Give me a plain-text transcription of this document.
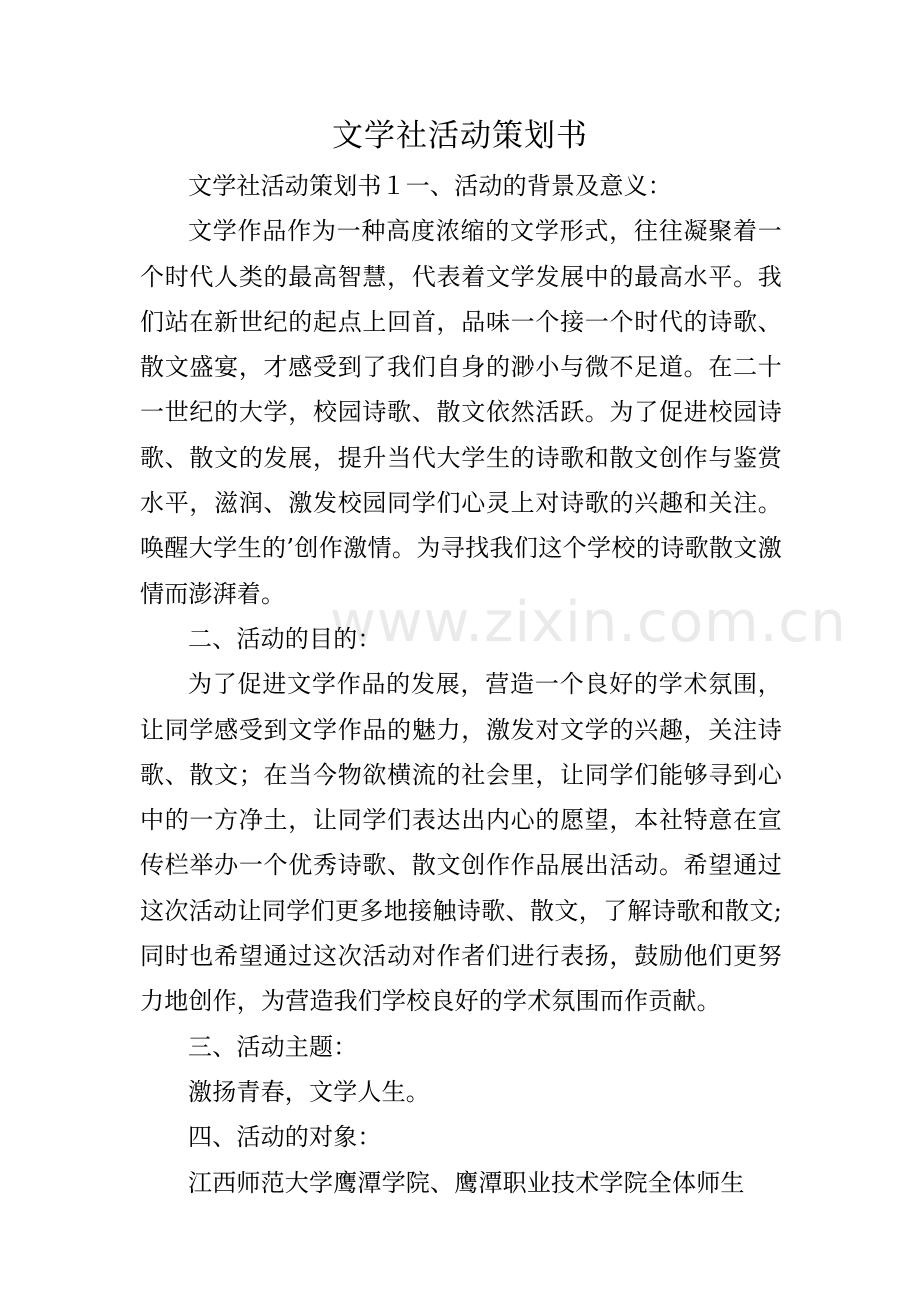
文学社活动策划书
www.zixin.com.cn

文学社活动策划书１一、活动的背景及意义：

文学作品作为一种高度浓缩的文学形式，往往凝聚着一个时代人类的最高智慧，代表着文学发展中的最高水平。我们站在新世纪的起点上回首，品味一个接一个时代的诗歌、散文盛宴，才感受到了我们自身的渺小与微不足道。在二十一世纪的大学，校园诗歌、散文依然活跃。为了促进校园诗歌、散文的发展，提升当代大学生的诗歌和散文创作与鉴赏水平，滋润、激发校园同学们心灵上对诗歌的兴趣和关注。唤醒大学生的’创作激情。为寻找我们这个学校的诗歌散文激情而澎湃着。

二、活动的目的：

为了促进文学作品的发展，营造一个良好的学术氛围，让同学感受到文学作品的魅力，激发对文学的兴趣，关注诗歌、散文；在当今物欲横流的社会里，让同学们能够寻到心中的一方净土，让同学们表达出内心的愿望，本社特意在宣传栏举办一个优秀诗歌、散文创作作品展出活动。希望通过这次活动让同学们更多地接触诗歌、散文，了解诗歌和散文;同时也希望通过这次活动对作者们进行表扬，鼓励他们更努力地创作，为营造我们学校良好的学术氛围而作贡献。

三、活动主题：

激扬青春，文学人生。

四、活动的对象：

江西师范大学鹰潭学院、鹰潭职业技术学院全体师生
